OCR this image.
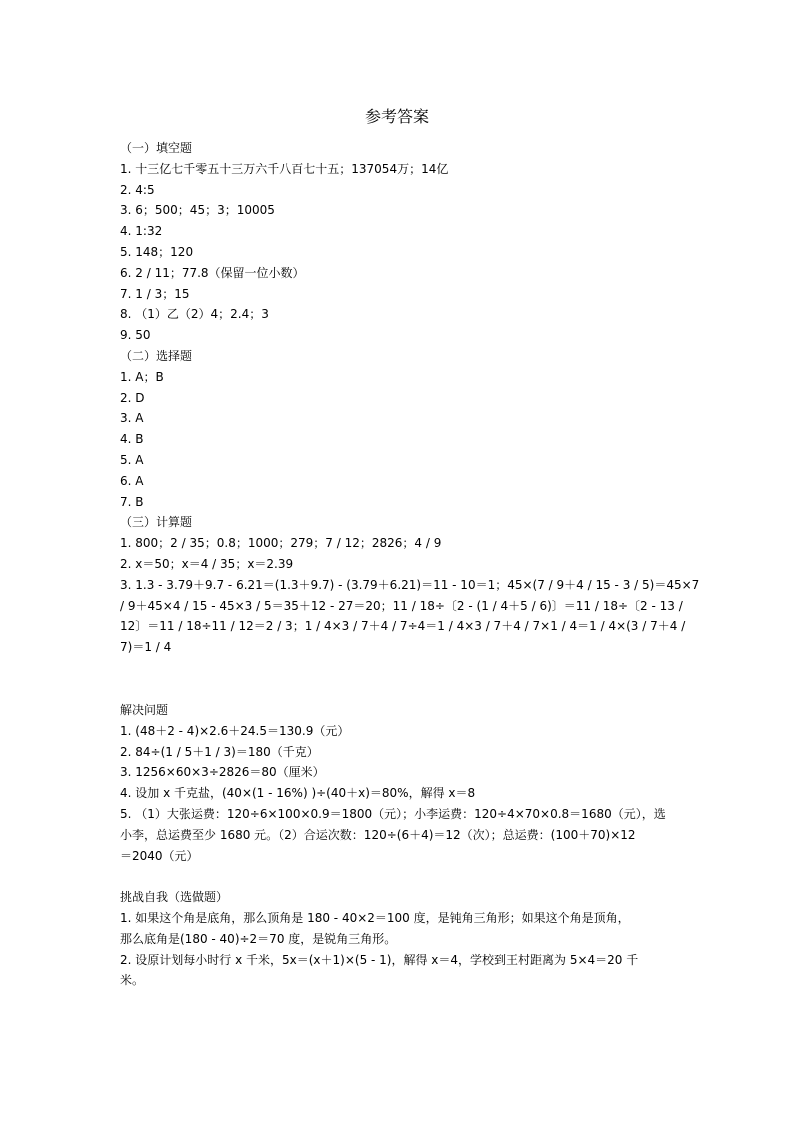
参考答案
（一）填空题
1. 十三亿七千零五十三万六千八百七十五；137054万；14亿
2. 4:5
3. 6；500；45；3；10005
4. 1:32
5. 148；120
6. 2 / 11；77.8（保留一位小数）
7. 1 / 3；15
8. （1）乙（2）4；2.4；3
9. 50
（二）选择题
1. A；B
2. D
3. A
4. B
5. A
6. A
7. B
（三）计算题
1. 800；2 / 35；0.8；1000；279；7 / 12；2826；4 / 9
2. x＝50；x＝4 / 35；x＝2.39
3. 1.3 - 3.79＋9.7 - 6.21＝(1.3＋9.7) - (3.79＋6.21)＝11 - 10＝1；45×(7 / 9＋4 / 15 - 3 / 5)＝45×7
/ 9＋45×4 / 15 - 45×3 / 5＝35＋12 - 27＝20；11 / 18÷〔2 - (1 / 4＋5 / 6)〕＝11 / 18÷〔2 - 13 /
12〕＝11 / 18÷11 / 12＝2 / 3；1 / 4×3 / 7＋4 / 7÷4＝1 / 4×3 / 7＋4 / 7×1 / 4＝1 / 4×(3 / 7＋4 /
7)＝1 / 4
解决问题
1. (48＋2 - 4)×2.6＋24.5＝130.9（元）
2. 84÷(1 / 5＋1 / 3)＝180（千克）
3. 1256×60×3÷2826＝80（厘米）
4. 设加 x 千克盐，(40×(1 - 16%) )÷(40＋x)＝80%，解得 x＝8
5. （1）大张运费：120÷6×100×0.9＝1800（元）；小李运费：120÷4×70×0.8＝1680（元），选
小李，总运费至少 1680 元。（2）合运次数：120÷(6＋4)＝12（次）；总运费：(100＋70)×12
＝2040（元）
挑战自我（选做题）
1. 如果这个角是底角，那么顶角是 180 - 40×2＝100 度，是钝角三角形；如果这个角是顶角，
那么底角是(180 - 40)÷2＝70 度，是锐角三角形。
2. 设原计划每小时行 x 千米，5x＝(x＋1)×(5 - 1)，解得 x＝4，学校到王村距离为 5×4＝20 千
米。
